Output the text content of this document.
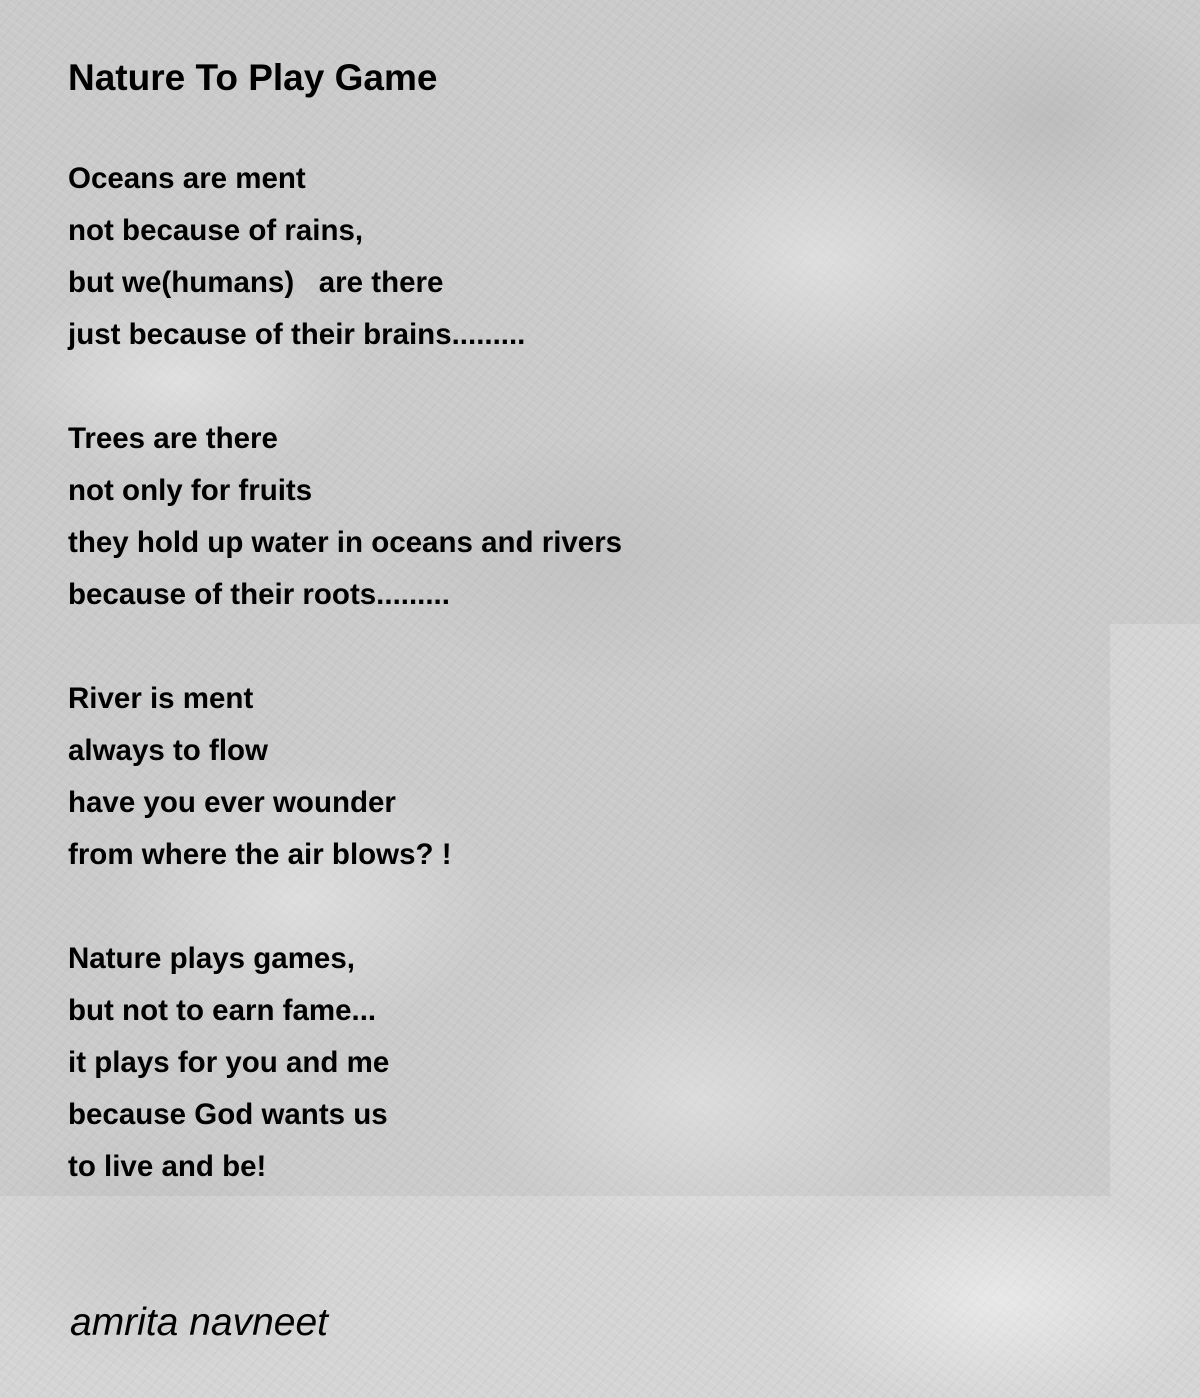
Nature To Play Game
Oceans are ment
not because of rains,
but we(humans)   are there
just because of their brains.........
Trees are there
not only for fruits
they hold up water in oceans and rivers
because of their roots.........
River is ment
always to flow
have you ever wounder
from where the air blows? !
Nature plays games,
but not to earn fame...
it plays for you and me
because God wants us
to live and be!
amrita navneet
